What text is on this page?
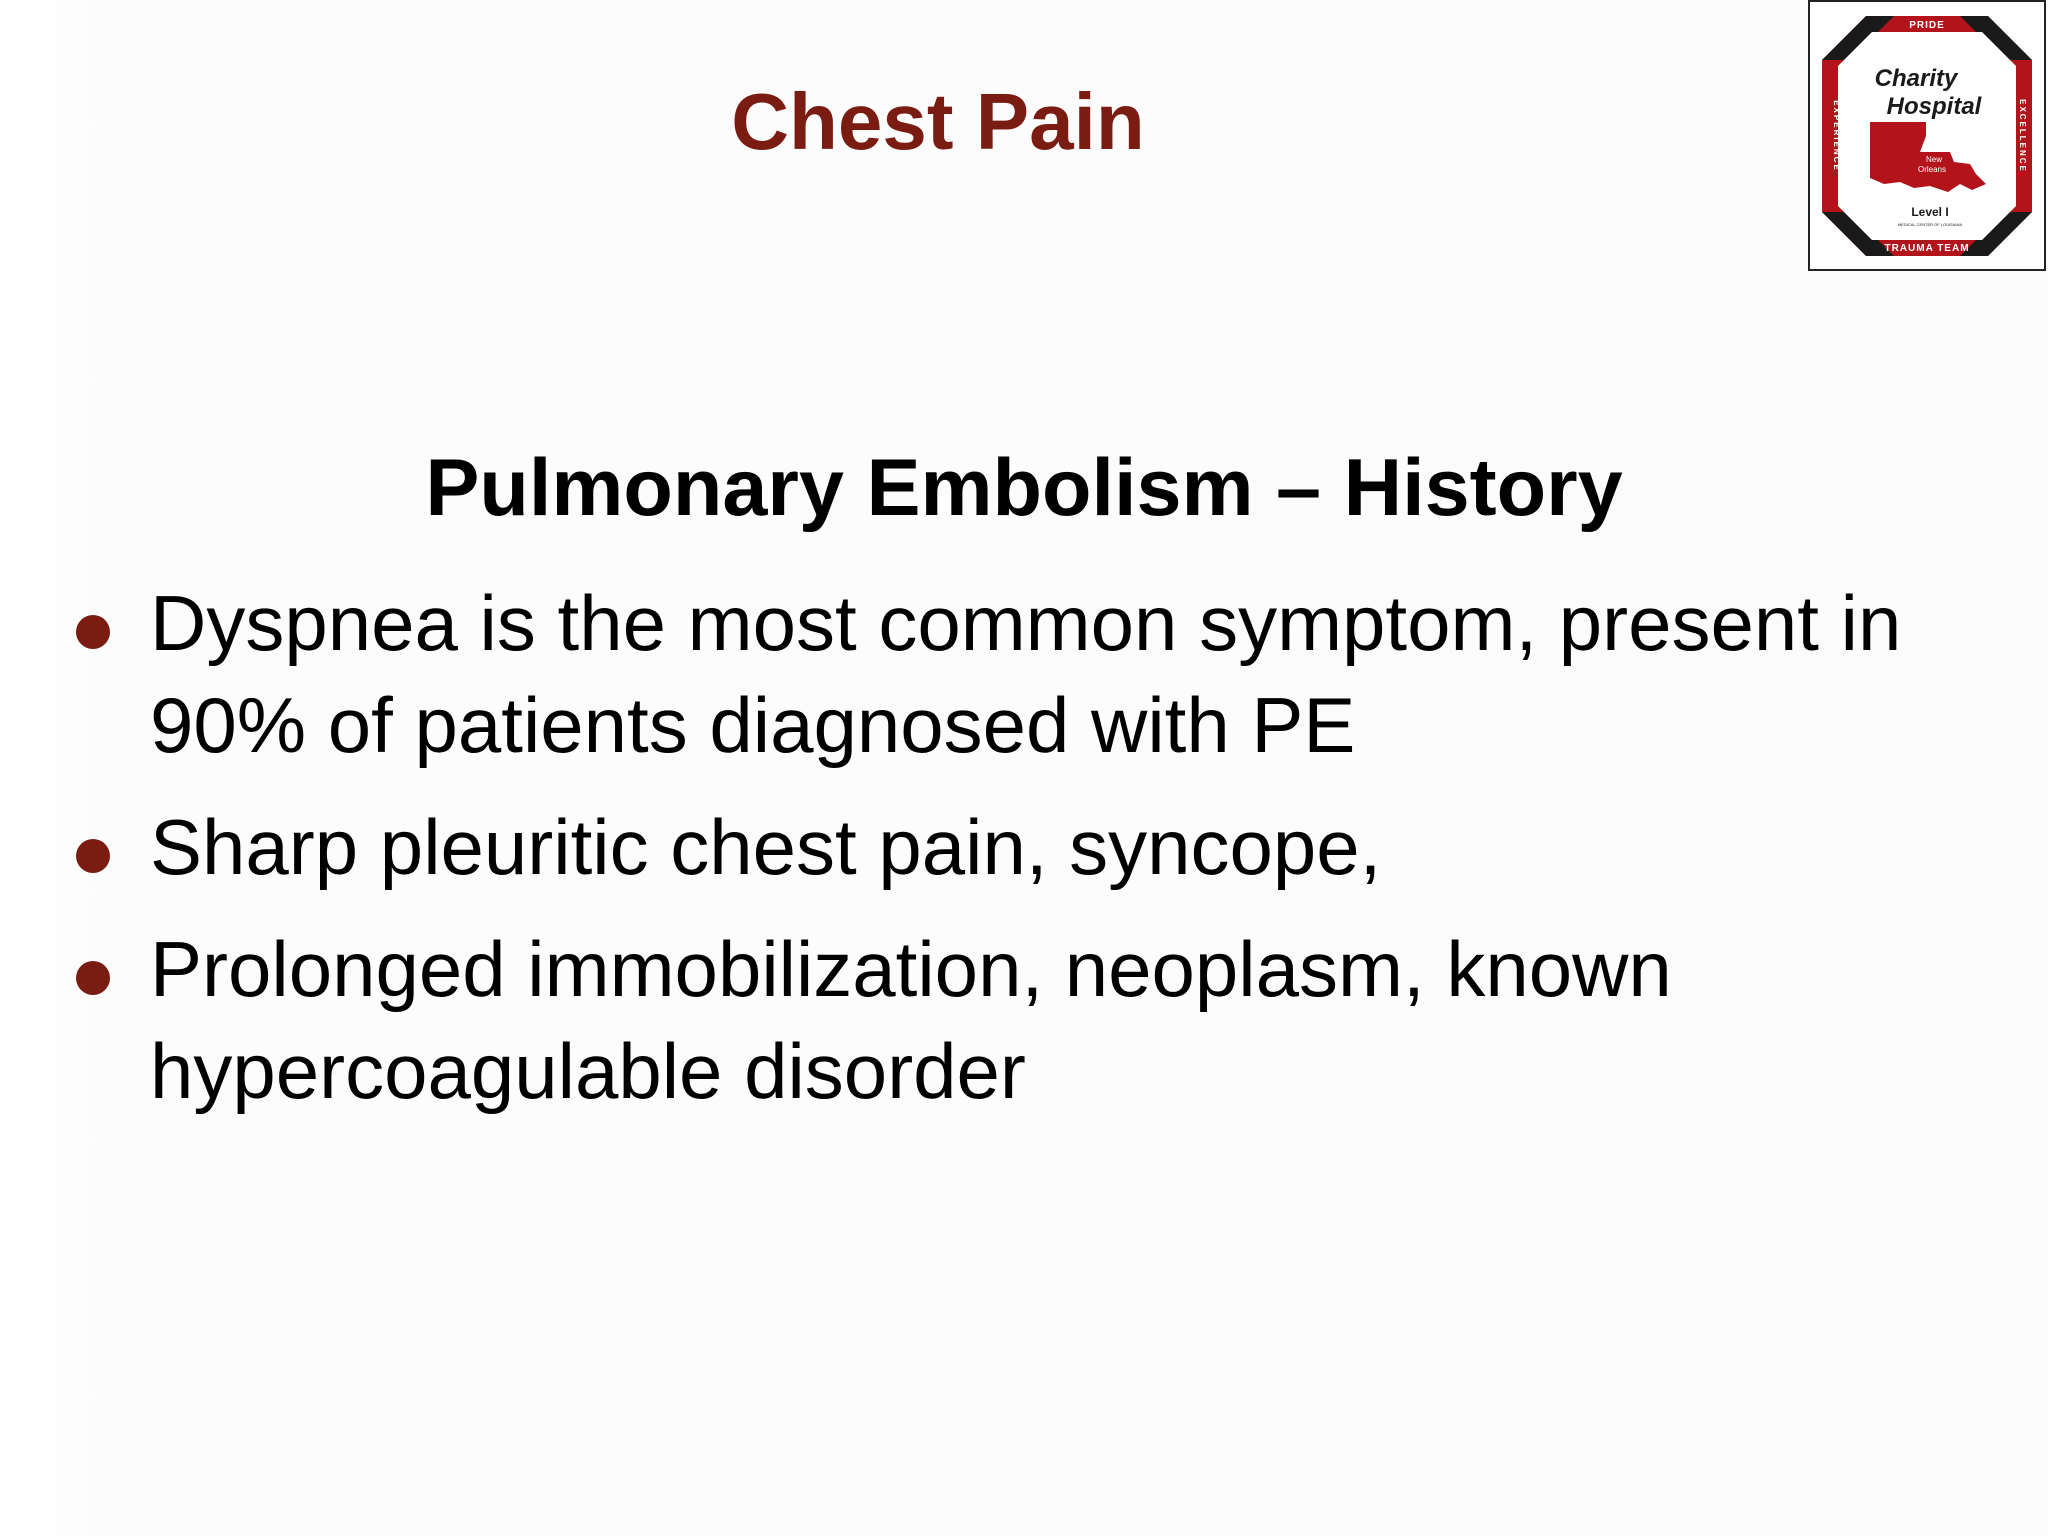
Chest Pain
PRIDE
TRAUMA TEAM
EXPERIENCE	EXCELLENCE
Charity
Hospital
New
Orleans
Level I
MEDICAL CENTER OF LOUISIANA
Pulmonary Embolism – History
Dyspnea is the most common symptom, present in 90% of patients diagnosed with PE
Sharp pleuritic chest pain, syncope,
Prolonged immobilization, neoplasm, known hypercoagulable disorder
